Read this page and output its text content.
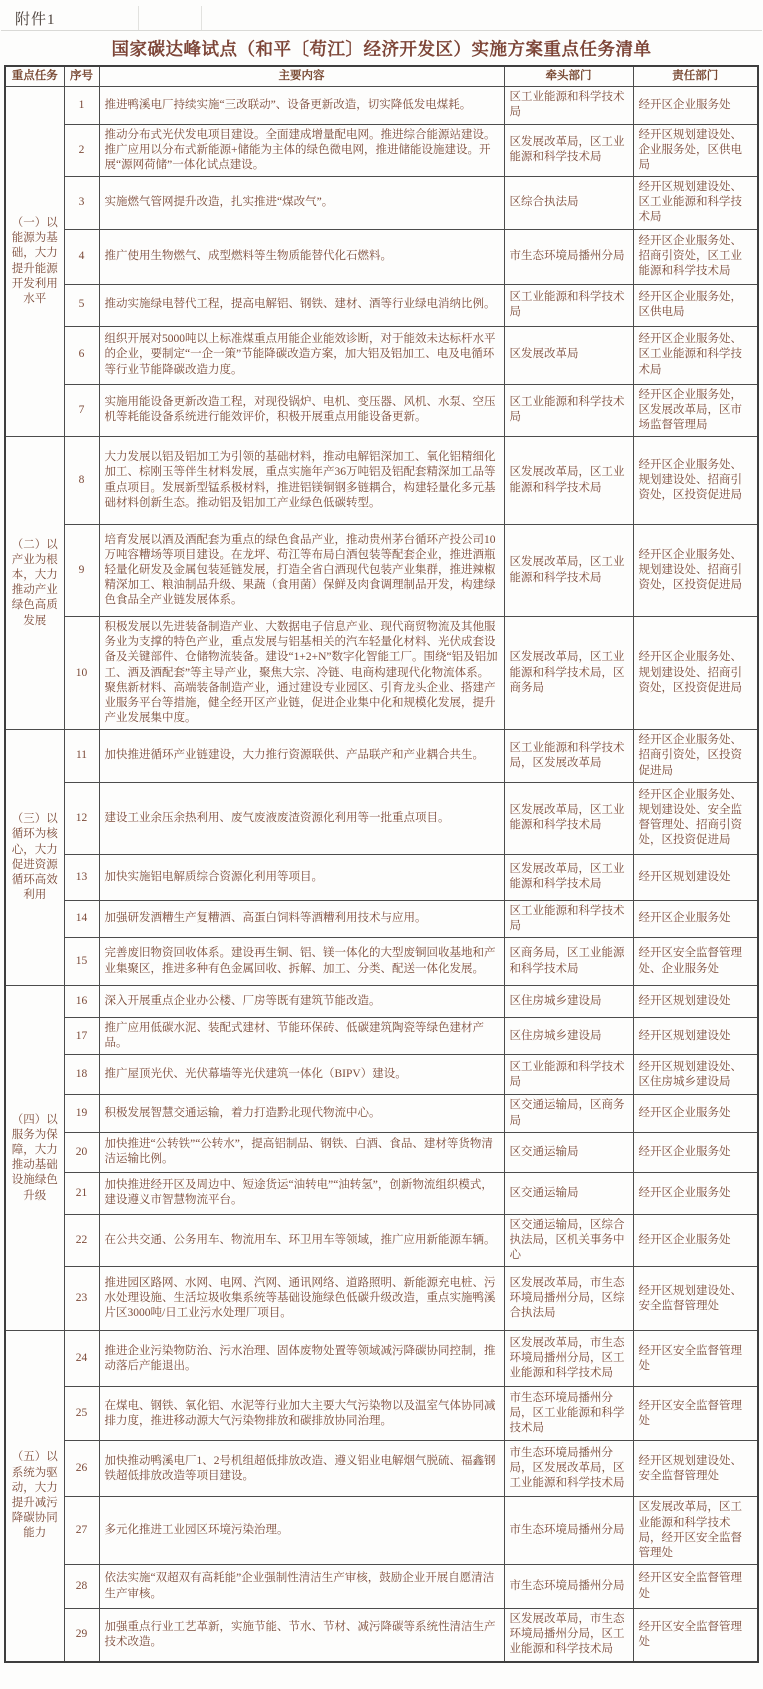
附件1
国家碳达峰试点（和平〔苟江〕经济开发区）实施方案重点任务清单
重点任务	序号	主要内容	牵头部门	责任部门
（一）以能源为基础，大力提升能源开发利用水平	1	推进鸭溪电厂持续实施“三改联动”、设备更新改造，切实降低发电煤耗。	区工业能源和科学技术局	经开区企业服务处
	2	推动分布式光伏发电项目建设。全面建成增量配电网。推进综合能源站建设。推广应用以分布式新能源+储能为主体的绿色微电网，推进储能设施建设。开展“源网荷储”一体化试点建设。	区发展改革局，区工业能源和科学技术局	经开区规划建设处、企业服务处，区供电局
	3	实施燃气管网提升改造，扎实推进“煤改气”。	区综合执法局	经开区规划建设处、区工业能源和科学技术局
	4	推广使用生物燃气、成型燃料等生物质能替代化石燃料。	市生态环境局播州分局	经开区企业服务处、招商引资处，区工业能源和科学技术局
	5	推动实施绿电替代工程，提高电解铝、钢铁、建材、酒等行业绿电消纳比例。	区工业能源和科学技术局	经开区企业服务处，区供电局
	6	组织开展对5000吨以上标准煤重点用能企业能效诊断，对于能效未达标杆水平的企业，要制定“一企一策”节能降碳改造方案，加大铝及铝加工、电及电循环等行业节能降碳改造力度。	区发展改革局	经开区企业服务处、区工业能源和科学技术局
	7	实施用能设备更新改造工程，对现役锅炉、电机、变压器、风机、水泵、空压机等耗能设备系统进行能效评价，积极开展重点用能设备更新。	区工业能源和科学技术局	经开区企业服务处，区发展改革局，区市场监督管理局
（二）以产业为根本，大力推动产业绿色高质发展	8	大力发展以铝及铝加工为引领的基础材料，推动电解铝深加工、氧化铝精细化加工、棕刚玉等伴生材料发展，重点实施年产36万吨铝及铝配套精深加工品等重点项目。发展新型锰系极材料，推进铝镁铜钢多链耦合，构建轻量化多元基础材料创新生态。推动铝及铝加工产业绿色低碳转型。	区发展改革局，区工业能源和科学技术局	经开区企业服务处、规划建设处、招商引资处，区投资促进局
	9	培育发展以酒及酒配套为重点的绿色食品产业，推动贵州茅台循环产投公司10万吨容糟场等项目建设。在龙坪、苟江等布局白酒包装等配套企业，推进酒瓶轻量化研发及金属包装延链发展，打造全省白酒现代包装产业集群，推进辣椒精深加工、粮油制品升级、果蔬（食用菌）保鲜及肉食调理制品开发，构建绿色食品全产业链发展体系。	区发展改革局，区工业能源和科学技术局	经开区企业服务处、规划建设处、招商引资处，区投资促进局
	10	积极发展以先进装备制造产业、大数据电子信息产业、现代商贸物流及其他服务业为支撑的特色产业，重点发展与铝基相关的汽车轻量化材料、光伏成套设备及关键部件、仓储物流装备。建设“1+2+N”数字化智能工厂。围绕“铝及铝加工、酒及酒配套”等主导产业，聚焦大宗、冷链、电商构建现代化物流体系。聚焦新材料、高端装备制造产业，通过建设专业园区、引育龙头企业、搭建产业服务平台等措施，健全经开区产业链，促进企业集中化和规模化发展，提升产业发展集中度。	区发展改革局，区工业能源和科学技术局，区商务局	经开区企业服务处、规划建设处、招商引资处，区投资促进局
（三）以循环为核心，大力促进资源循环高效利用	11	加快推进循环产业链建设，大力推行资源联供、产品联产和产业耦合共生。	区工业能源和科学技术局，区发展改革局	经开区企业服务处、招商引资处，区投资促进局
	12	建设工业余压余热利用、废气废液废渣资源化利用等一批重点项目。	区发展改革局，区工业能源和科学技术局	经开区企业服务处、规划建设处、安全监督管理处、招商引资处，区投资促进局
	13	加快实施铝电解质综合资源化利用等项目。	区发展改革局，区工业能源和科学技术局	经开区规划建设处
	14	加强研发酒糟生产复糟酒、高蛋白饲料等酒糟利用技术与应用。	区工业能源和科学技术局	经开区企业服务处
	15	完善废旧物资回收体系。建设再生铜、铝、镁一体化的大型废铜回收基地和产业集聚区，推进多种有色金属回收、拆解、加工、分类、配送一体化发展。	区商务局，区工业能源和科学技术局	经开区安全监督管理处、企业服务处
（四）以服务为保障，大力推动基础设施绿色升级	16	深入开展重点企业办公楼、厂房等既有建筑节能改造。	区住房城乡建设局	经开区规划建设处
	17	推广应用低碳水泥、装配式建材、节能环保砖、低碳建筑陶瓷等绿色建材产品。	区住房城乡建设局	经开区规划建设处
	18	推广屋顶光伏、光伏幕墙等光伏建筑一体化（BIPV）建设。	区工业能源和科学技术局	经开区规划建设处、区住房城乡建设局
	19	积极发展智慧交通运输，着力打造黔北现代物流中心。	区交通运输局，区商务局	经开区企业服务处
	20	加快推进“公转铁”“公转水”，提高铝制品、钢铁、白酒、食品、建材等货物清洁运输比例。	区交通运输局	经开区企业服务处
	21	加快推进经开区及周边中、短途货运“油转电”“油转氢”，创新物流组织模式，建设遵义市智慧物流平台。	区交通运输局	经开区企业服务处
	22	在公共交通、公务用车、物流用车、环卫用车等领域，推广应用新能源车辆。	区交通运输局，区综合执法局，区机关事务中心	经开区企业服务处
	23	推进园区路网、水网、电网、汽网、通讯网络、道路照明、新能源充电桩、污水处理设施、生活垃圾收集系统等基础设施绿色低碳升级改造，重点实施鸭溪片区3000吨/日工业污水处理厂项目。	区发展改革局，市生态环境局播州分局，区综合执法局	经开区规划建设处、安全监督管理处
（五）以系统为驱动，大力提升减污降碳协同能力	24	推进企业污染物防治、污水治理、固体废物处置等领域减污降碳协同控制，推动落后产能退出。	区发展改革局，市生态环境局播州分局，区工业能源和科学技术局	经开区安全监督管理处
	25	在煤电、钢铁、氧化铝、水泥等行业加大主要大气污染物以及温室气体协同减排力度，推进移动源大气污染物排放和碳排放协同治理。	市生态环境局播州分局，区工业能源和科学技术局	经开区安全监督管理处
	26	加快推动鸭溪电厂1、2号机组超低排放改造、遵义铝业电解烟气脱硫、福鑫钢铁超低排放改造等项目建设。	市生态环境局播州分局，区发展改革局，区工业能源和科学技术局	经开区规划建设处、安全监督管理处
	27	多元化推进工业园区环境污染治理。	市生态环境局播州分局	区发展改革局，区工业能源和科学技术局，经开区安全监督管理处
	28	依法实施“双超双有高耗能”企业强制性清洁生产审核，鼓励企业开展自愿清洁生产审核。	市生态环境局播州分局	经开区安全监督管理处
	29	加强重点行业工艺革新，实施节能、节水、节材、减污降碳等系统性清洁生产技术改造。	区发展改革局，市生态环境局播州分局，区工业能源和科学技术局	经开区安全监督管理处
